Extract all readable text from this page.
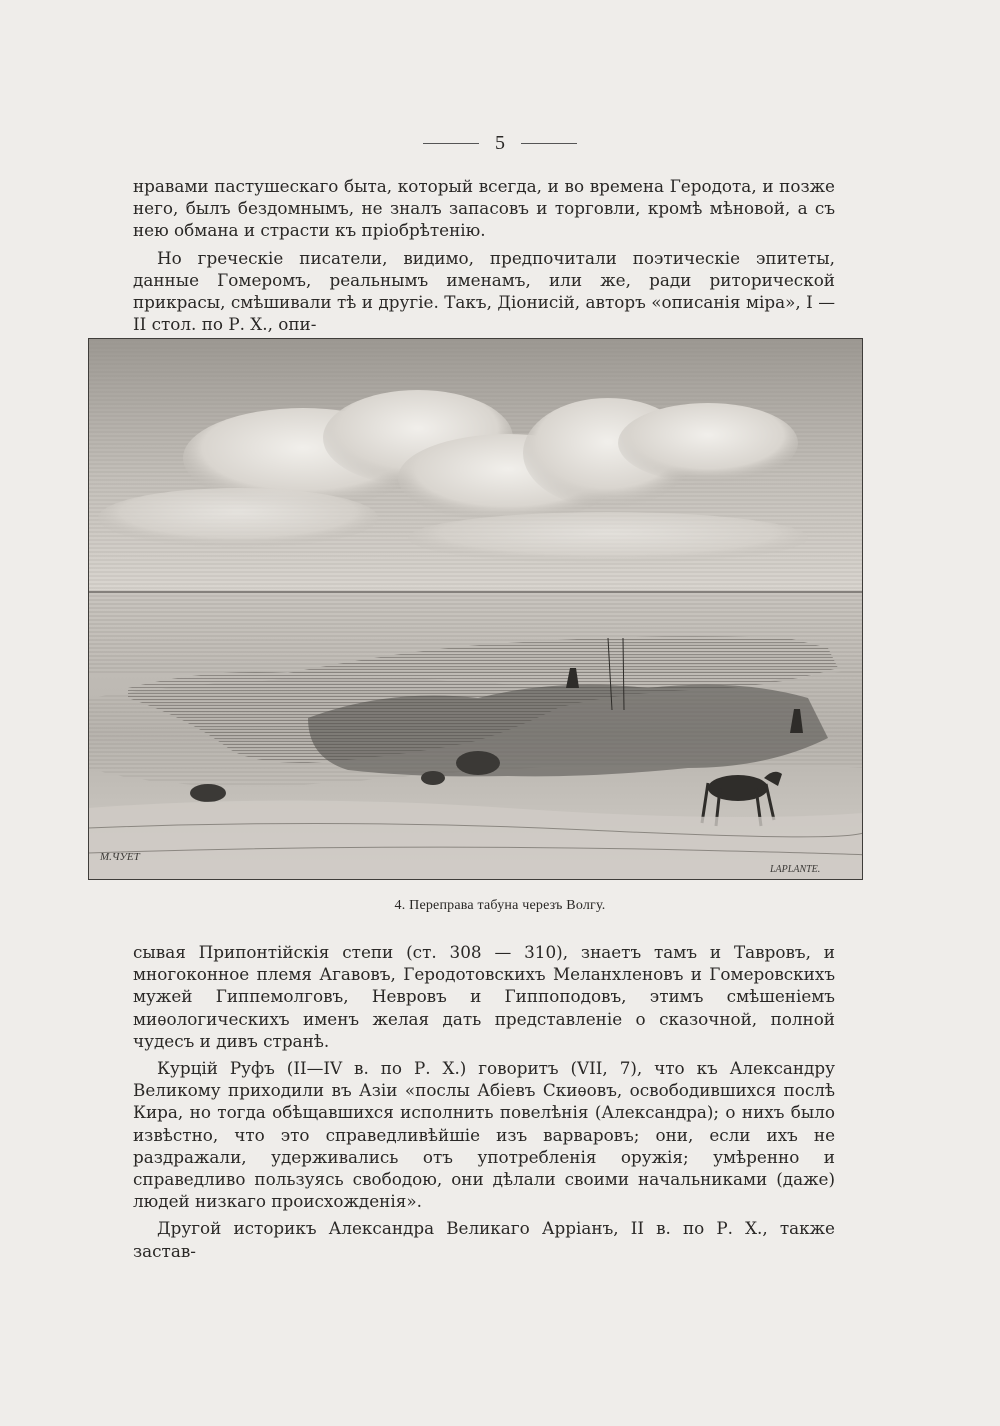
5

нравами пастушескаго быта, который всегда, и во времена Геродота, и позже него, былъ бездомнымъ, не зналъ запасовъ и торговли, кромѣ мѣновой, а съ нею обмана и страсти къ пріобрѣтенію.

Но греческіе писатели, видимо, предпочитали поэтическіе эпитеты, данные Гомеромъ, реальнымъ именамъ, или же, ради риторической прикрасы, смѣшивали тѣ и другіе. Такъ, Діонисій, авторъ «описанія міра», I — II стол. по Р. Х., опи-

M.ЧУЕТ
LAPLANTE.
4. Переправа табуна черезъ Волгу.

сывая Припонтійскія степи (ст. 308 — 310), знаетъ тамъ и Тавровъ, и многоконное племя Агавовъ, Геродотовскихъ Меланхленовъ и Гомеровскихъ мужей Гиппемолговъ, Невровъ и Гиппоподовъ, этимъ смѣшеніемъ миѳологическихъ именъ желая дать представленіе о сказочной, полной чудесъ и дивъ странѣ.

Курцій Руфъ (II—IV в. по Р. Х.) говоритъ (VII, 7), что къ Александру Великому приходили въ Азіи «послы Абіевъ Скиѳовъ, освободившихся послѣ Кира, но тогда обѣщавшихся исполнить повелѣнія (Александра); о нихъ было извѣстно, что это справедливѣйшіе изъ варваровъ; они, если ихъ не раздражали, удерживались отъ употребленія оружія; умѣренно и справедливо пользуясь свободою, они дѣлали своими начальниками (даже) людей низкаго происхожденія».

Другой историкъ Александра Великаго Арріанъ, II в. по Р. Х., также застав-
